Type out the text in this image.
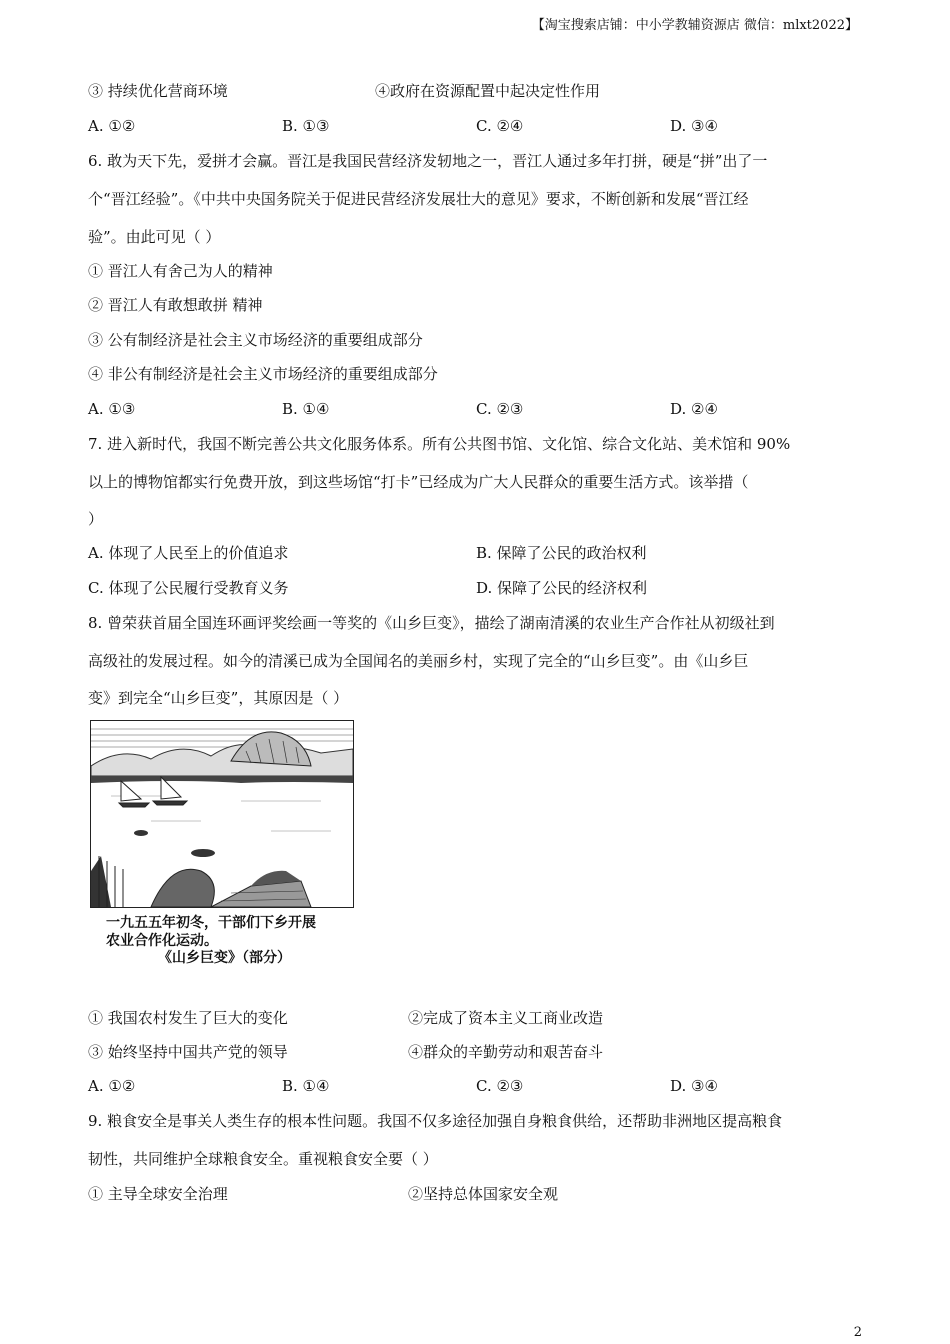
【淘宝搜索店铺：中小学教辅资源店 微信：mlxt2022】
③ 持续优化营商环境	④政府在资源配置中起决定性作用
A. ①②	B. ①③	C. ②④	D. ③④
6. 敢为天下先，爱拼才会赢。晋江是我国民营经济发轫地之一，晋江人通过多年打拼，硬是“拼”出了一
个“晋江经验”。《中共中央国务院关于促进民营经济发展壮大的意见》要求，不断创新和发展“晋江经
验”。由此可见（ ）
① 晋江人有舍己为人的精神
② 晋江人有敢想敢拼 精神
③ 公有制经济是社会主义市场经济的重要组成部分
④ 非公有制经济是社会主义市场经济的重要组成部分
A. ①③	B. ①④	C. ②③	D. ②④
7. 进入新时代，我国不断完善公共文化服务体系。所有公共图书馆、文化馆、综合文化站、美术馆和 90%
以上的博物馆都实行免费开放，到这些场馆“打卡”已经成为广大人民群众的重要生活方式。该举措（
）
A. 体现了人民至上的价值追求	B. 保障了公民的政治权利
C. 体现了公民履行受教育义务	D. 保障了公民的经济权利
8. 曾荣获首届全国连环画评奖绘画一等奖的《山乡巨变》，描绘了湖南清溪的农业生产合作社从初级社到
高级社的发展过程。如今的清溪已成为全国闻名的美丽乡村，实现了完全的“山乡巨变”。由《山乡巨
变》到完全“山乡巨变”，其原因是（ ）
一九五五年初冬，干部们下乡开展
农业合作化运动。
《山乡巨变》（部分）
① 我国农村发生了巨大的变化	②完成了资本主义工商业改造
③ 始终坚持中国共产党的领导	④群众的辛勤劳动和艰苦奋斗
A. ①②	B. ①④	C. ②③	D. ③④
9. 粮食安全是事关人类生存的根本性问题。我国不仅多途径加强自身粮食供给，还帮助非洲地区提高粮食
韧性，共同维护全球粮食安全。重视粮食安全要（ ）
① 主导全球安全治理	②坚持总体国家安全观
2
